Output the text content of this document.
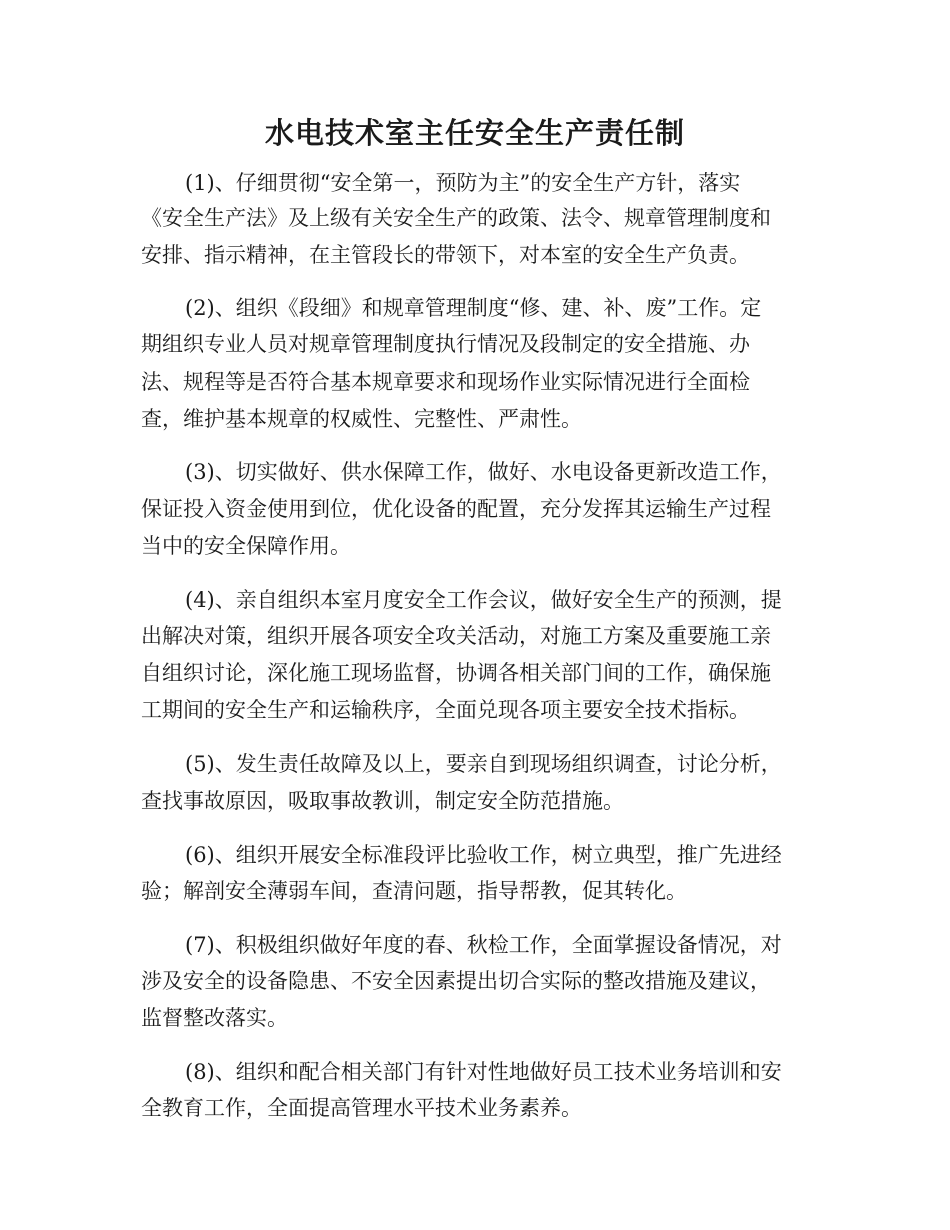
水电技术室主任安全生产责任制

(1)、仔细贯彻“安全第一，预防为主”的安全生产方针，落实

《安全生产法》及上级有关安全生产的政策、法令、规章管理制度和

安排、指示精神，在主管段长的带领下，对本室的安全生产负责。

(2)、组织《段细》和规章管理制度“修、建、补、废”工作。定

期组织专业人员对规章管理制度执行情况及段制定的安全措施、办

法、规程等是否符合基本规章要求和现场作业实际情况进行全面检

查，维护基本规章的权威性、完整性、严肃性。

(3)、切实做好、供水保障工作，做好、水电设备更新改造工作，

保证投入资金使用到位，优化设备的配置，充分发挥其运输生产过程

当中的安全保障作用。

(4)、亲自组织本室月度安全工作会议，做好安全生产的预测，提

出解决对策，组织开展各项安全攻关活动，对施工方案及重要施工亲

自组织讨论，深化施工现场监督，协调各相关部门间的工作，确保施

工期间的安全生产和运输秩序，全面兑现各项主要安全技术指标。

(5)、发生责任故障及以上，要亲自到现场组织调查，讨论分析，

查找事故原因，吸取事故教训，制定安全防范措施。

(6)、组织开展安全标准段评比验收工作，树立典型，推广先进经

验；解剖安全薄弱车间，查清问题，指导帮教，促其转化。

(7)、积极组织做好年度的春、秋检工作，全面掌握设备情况，对

涉及安全的设备隐患、不安全因素提出切合实际的整改措施及建议，

监督整改落实。

(8)、组织和配合相关部门有针对性地做好员工技术业务培训和安

全教育工作，全面提高管理水平技术业务素养。
